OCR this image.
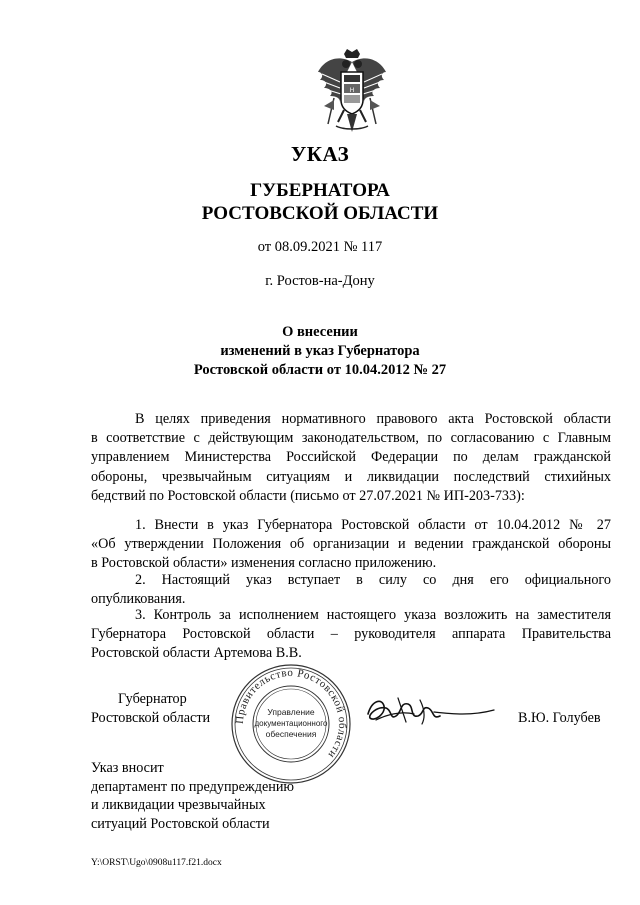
H
УКАЗ
ГУБЕРНАТОРА
РОСТОВСКОЙ ОБЛАСТИ
от 08.09.2021 № 117
г. Ростов-на-Дону
О внесении
изменений в указ Губернатора
Ростовской области от 10.04.2012 № 27
В целях приведения нормативного правового акта Ростовской области
в соответствие с действующим законодательством, по согласованию с Главным
управлением Министерства Российской Федерации по делам гражданской
обороны, чрезвычайным ситуациям и ликвидации последствий стихийных
бедствий по Ростовской области (письмо от 27.07.2021 № ИП-203-733):
1. Внести в указ Губернатора Ростовской области от 10.04.2012 № 27
«Об утверждении Положения об организации и ведении гражданской обороны
в Ростовской области» изменения согласно приложению.
2. Настоящий указ вступает в силу со дня его официального
опубликования.
3. Контроль за исполнением настоящего указа возложить на заместителя
Губернатора Ростовской области – руководителя аппарата Правительства
Ростовской области Артемова В.В.
Губернатор
Ростовской области Правительство Ростовской области
Управление
документационного
обеспечения
В.Ю. Голубев
Указ вносит
департамент по предупреждению
и ликвидации чрезвычайных
ситуаций Ростовской области
Y:\ORST\Ugo\0908u117.f21.docx
